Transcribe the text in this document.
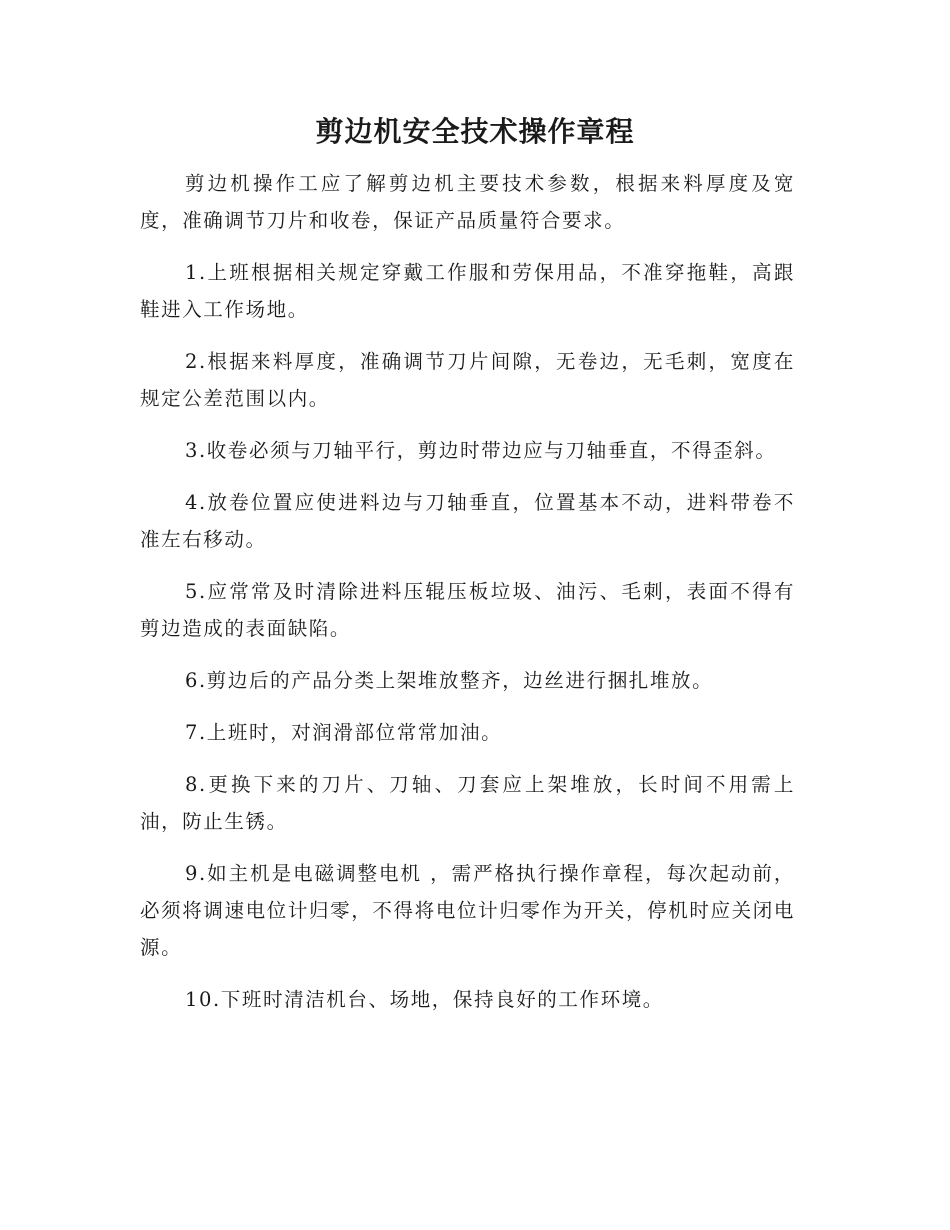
剪边机安全技术操作章程

剪边机操作工应了解剪边机主要技术参数，根据来料厚度及宽度，准确调节刀片和收卷，保证产品质量符合要求。

1.上班根据相关规定穿戴工作服和劳保用品，不准穿拖鞋，高跟鞋进入工作场地。

2.根据来料厚度，准确调节刀片间隙，无卷边，无毛刺，宽度在规定公差范围以内。

3.收卷必须与刀轴平行，剪边时带边应与刀轴垂直，不得歪斜。

4.放卷位置应使进料边与刀轴垂直，位置基本不动，进料带卷不准左右移动。

5.应常常及时清除进料压辊压板垃圾、油污、毛刺，表面不得有剪边造成的表面缺陷。

6.剪边后的产品分类上架堆放整齐，边丝进行捆扎堆放。

7.上班时，对润滑部位常常加油。

8.更换下来的刀片、刀轴、刀套应上架堆放，长时间不用需上油，防止生锈。

9.如主机是电磁调整电机 ，需严格执行操作章程，每次起动前，必须将调速电位计归零，不得将电位计归零作为开关，停机时应关闭电源。

10.下班时清洁机台、场地，保持良好的工作环境。
